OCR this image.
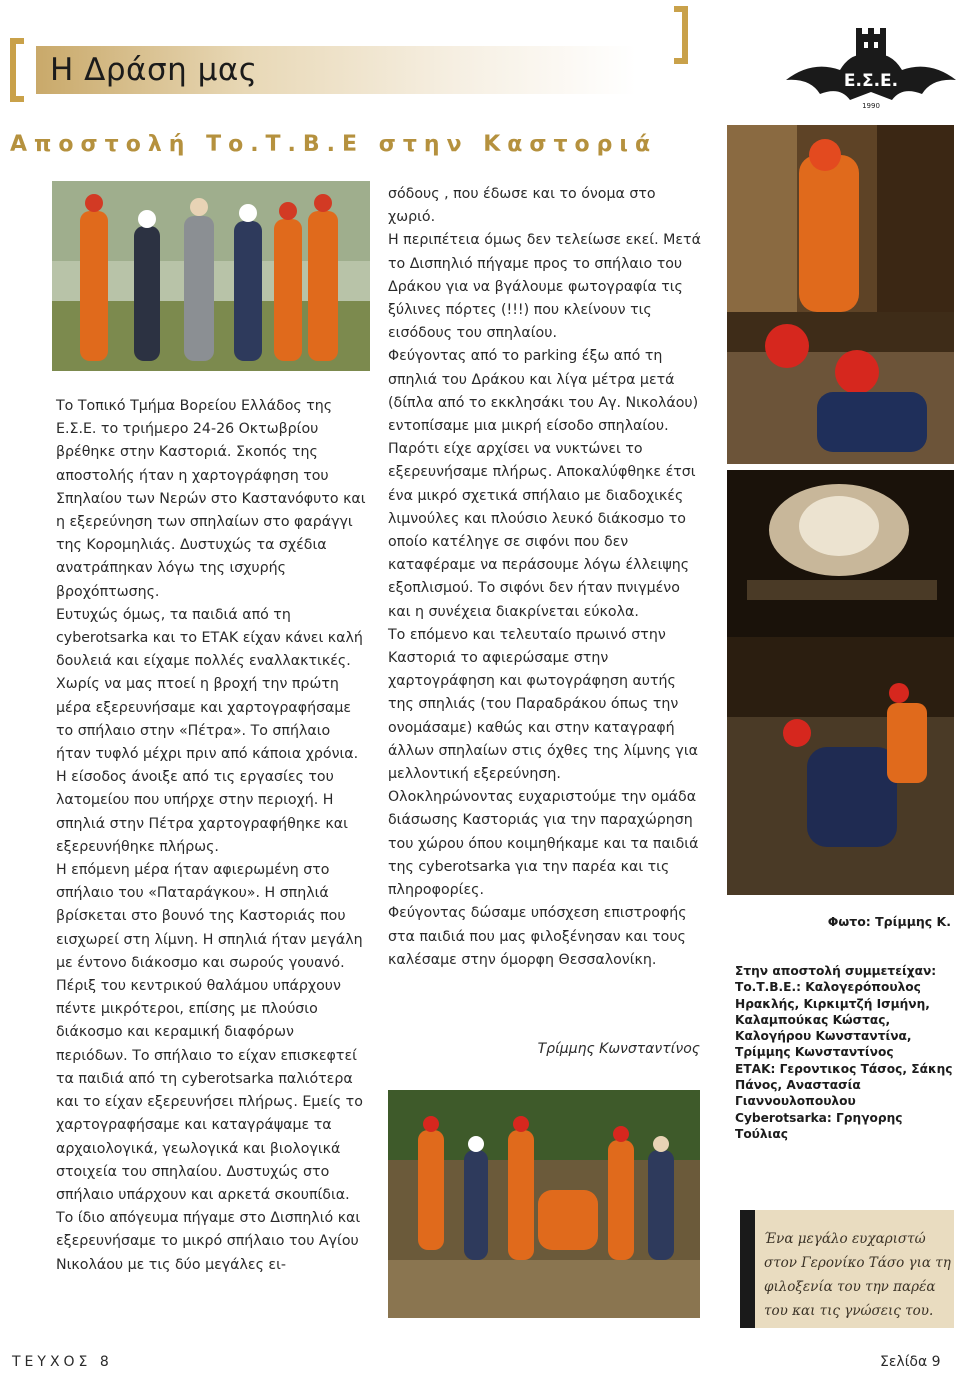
Η Δράση μας
Αποστολή Το.Τ.Β.Ε στην Καστοριά
Ε.Σ.Ε.
1990

Το Τοπικό Τμήμα Βορείου Ελλάδος της Ε.Σ.Ε. το τριήμερο 24-26 Οκτωβρίου βρέθηκε στην Καστοριά. Σκοπός της αποστολής ήταν η χαρτογράφηση του Σπηλαίου των Νερών στο Καστανόφυτο και η εξερεύνηση των σπηλαίων στο φαράγγι της Κορομηλιάς. Δυστυχώς τα σχέδια ανατράπηκαν λόγω της ισχυρής βροχόπτωσης.

Ευτυχώς όμως, τα παιδιά από τη cyberotsarka και το ΕΤΑΚ είχαν κάνει καλή δουλειά και είχαμε πολλές εναλλακτικές. Χωρίς να μας πτοεί η βροχή την πρώτη μέρα εξερευνήσαμε και χαρτογραφήσαμε το σπήλαιο στην «Πέτρα». Το σπήλαιο ήταν τυφλό μέχρι πριν από κάποια χρόνια. Η είσοδος άνοιξε από τις εργασίες του λατομείου που υπήρχε στην περιοχή. Η σπηλιά στην Πέτρα χαρτογραφήθηκε και εξερευνήθηκε πλήρως.

Η επόμενη μέρα ήταν αφιερωμένη στο σπήλαιο του «Παταράγκου». Η σπηλιά βρίσκεται στο βουνό της Καστοριάς που εισχωρεί στη λίμνη. Η σπηλιά ήταν μεγάλη με έντονο διάκοσμο και σωρούς γουανό. Πέριξ του κεντρικού θαλάμου υπάρχουν πέντε μικρότεροι, επίσης με πλούσιο διάκοσμο και κεραμική διαφόρων περιόδων. Το σπήλαιο το είχαν επισκεφτεί τα παιδιά από τη cyberotsarka παλιότερα και το είχαν εξερευνήσει πλήρως. Εμείς το χαρτογραφήσαμε και καταγράψαμε τα αρχαιολογικά, γεωλογικά και βιολογικά στοιχεία του σπηλαίου. Δυστυχώς στο σπήλαιο υπάρχουν και αρκετά σκουπίδια.

Το ίδιο απόγευμα πήγαμε στο Δισπηλιό και εξερευνήσαμε το μικρό σπήλαιο του Αγίου Νικολάου με τις δύο μεγάλες ει-

σόδους , που έδωσε και το όνομα στο χωριό.

Η περιπέτεια όμως δεν τελείωσε εκεί. Μετά το Δισπηλιό πήγαμε προς το σπήλαιο του Δράκου για να βγάλουμε φωτογραφία τις ξύλινες πόρτες (!!!) που κλείνουν τις εισόδους του σπηλαίου.

Φεύγοντας από το parking έξω από τη σπηλιά του Δράκου και λίγα μέτρα μετά (δίπλα από το εκκλησάκι του Αγ. Νικολάου) εντοπίσαμε μια μικρή είσοδο σπηλαίου. Παρότι είχε αρχίσει να νυκτώνει το εξερευνήσαμε πλήρως. Αποκαλύφθηκε έτσι ένα μικρό σχετικά σπήλαιο με διαδοχικές λιμνούλες και πλούσιο λευκό διάκοσμο το οποίο κατέληγε σε σιφόνι που δεν καταφέραμε να περάσουμε λόγω έλλειψης εξοπλισμού. Το σιφόνι δεν ήταν πνιγμένο και η συνέχεια διακρίνεται εύκολα.

Το επόμενο και τελευταίο πρωινό στην Καστοριά το αφιερώσαμε στην χαρτογράφηση και φωτογράφηση αυτής της σπηλιάς (του Παραδράκου όπως την ονομάσαμε) καθώς και στην καταγραφή άλλων σπηλαίων στις όχθες της λίμνης για μελλοντική εξερεύνηση.

Ολοκληρώνοντας ευχαριστούμε την ομάδα διάσωσης Καστοριάς για την παραχώρηση του χώρου όπου κοιμηθήκαμε και τα παιδιά της cyberotsarka για την παρέα και τις πληροφορίες.

Φεύγοντας δώσαμε υπόσχεση επιστροφής στα παιδιά που μας φιλοξένησαν και τους καλέσαμε στην όμορφη Θεσσαλονίκη.

Τρίμμης Κωνσταντίνος
Φωτο: Τρίμμης Κ.

Στην αποστολή συμμετείχαν:

Το.Τ.Β.Ε.: Καλογερόπουλος Ηρακλής, Κιρκιμτζή Ισμήνη, Καλαμπούκας Κώστας, Καλογήρου Κωνσταντίνα, Τρίμμης Κωνσταντίνος

ΕΤΑΚ: Γεροντικος Τάσος, Σάκης Πάνος, Αναστασία Γιαννουλοπουλου

Cyberotsarka: Γρηγορης Τούλιας

Ένα μεγάλο ευχαριστώ στον Γερονίκο Τάσο για τη φιλοξενία του την παρέα του και τις γνώσεις του.
ΤΕΥΧΟΣ 8	Σελίδα 9
